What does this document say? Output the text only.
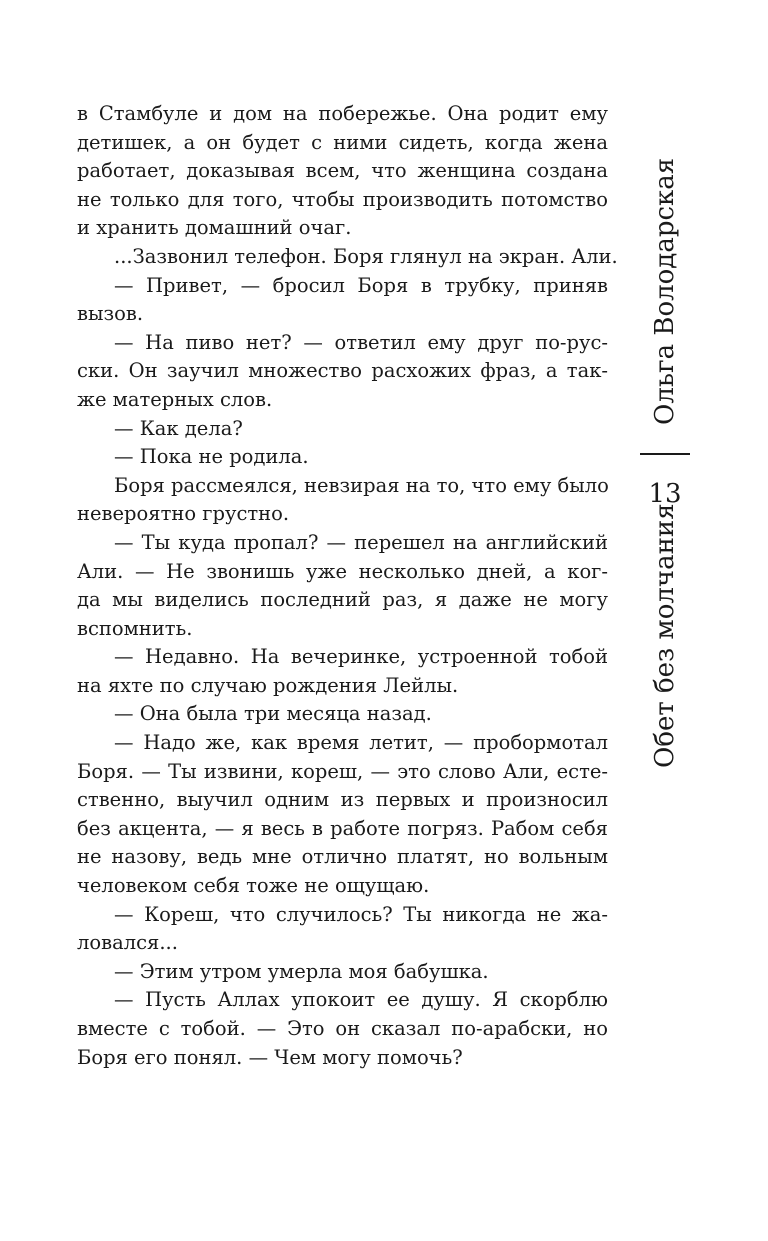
в Стамбуле и дом на побережье. Она родит ему
детишек, а он будет с ними сидеть, когда жена
работает, доказывая всем, что женщина создана
не только для того, чтобы производить потомство
и хранить домашний очаг.
...Зазвонил телефон. Боря глянул на экран. Али.
— Привет, — бросил Боря в трубку, приняв
вызов.
— На пиво нет? — ответил ему друг по-рус-
ски. Он заучил множество расхожих фраз, а так-
же матерных слов.
— Как дела?
— Пока не родила.
Боря рассмеялся, невзирая на то, что ему было
невероятно грустно.
— Ты куда пропал? — перешел на английский
Али. — Не звонишь уже несколько дней, а ког-
да мы виделись последний раз, я даже не могу
вспомнить.
— Недавно. На вечеринке, устроенной тобой
на яхте по случаю рождения Лейлы.
— Она была три месяца назад.
— Надо же, как время летит, — пробормотал
Боря. — Ты извини, кореш, — это слово Али, есте-
ственно, выучил одним из первых и произносил
без акцента, — я весь в работе погряз. Рабом себя
не назову, ведь мне отлично платят, но вольным
человеком себя тоже не ощущаю.
— Кореш, что случилось? Ты никогда не жа-
ловался...
— Этим утром умерла моя бабушка.
— Пусть Аллах упокоит ее душу. Я скорблю
вместе с тобой. — Это он сказал по-арабски, но
Боря его понял. — Чем могу помочь?
Ольга Володарская
13
Обет без молчания
